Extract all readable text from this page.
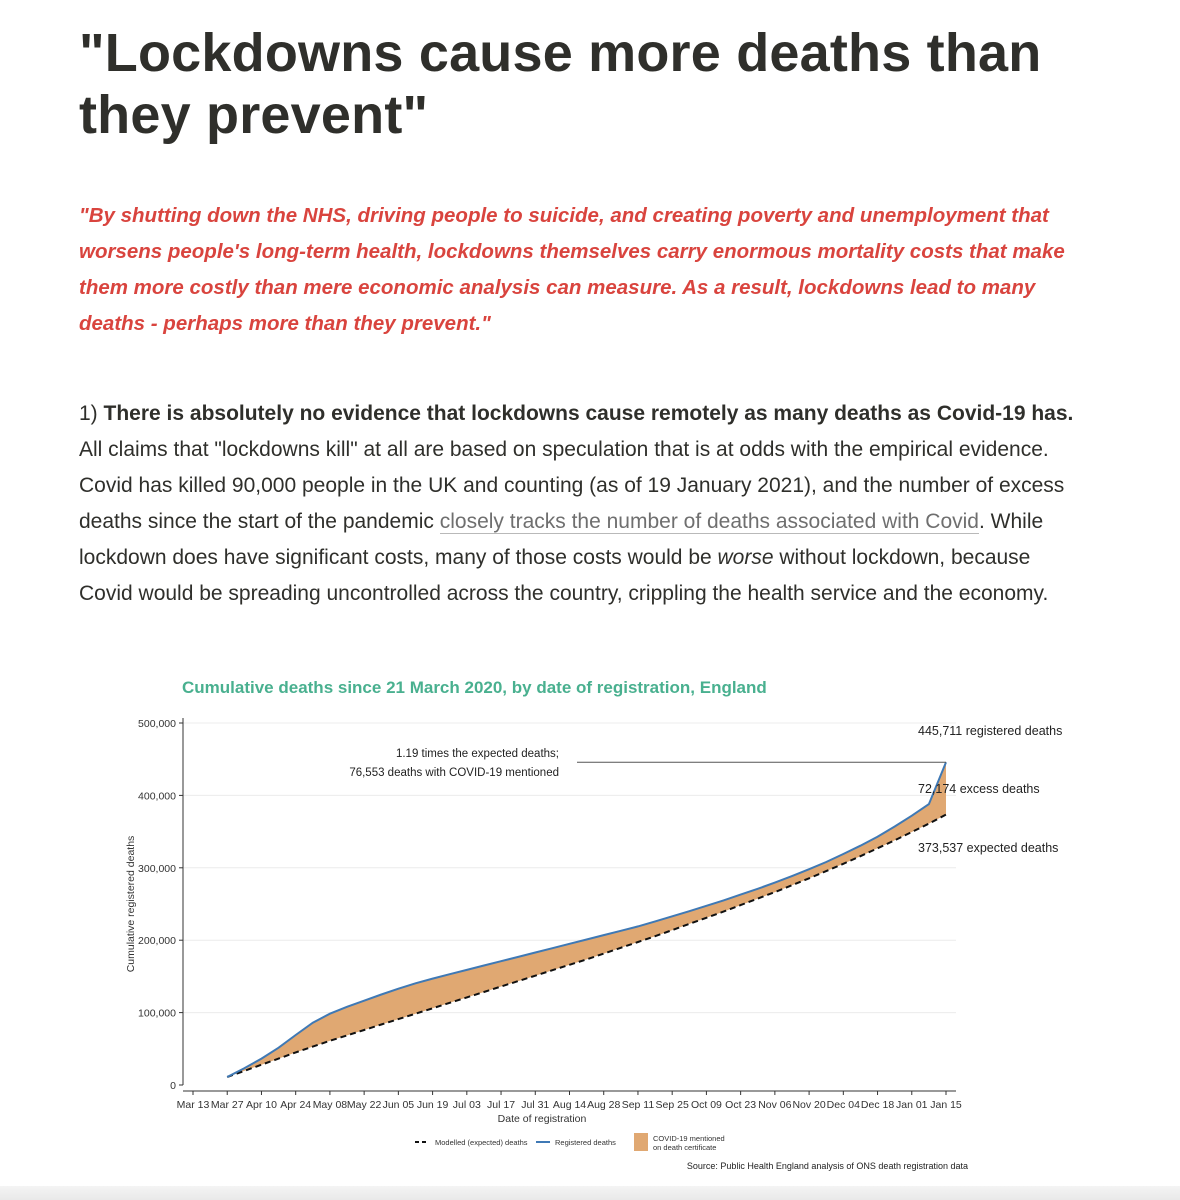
"Lockdowns cause more deaths than they prevent"

"By shutting down the NHS, driving people to suicide, and creating poverty and unemployment that worsens people's long-term health, lockdowns themselves carry enormous mortality costs that make them more costly than mere economic analysis can measure. As a result, lockdowns lead to many deaths - perhaps more than they prevent."

1) There is absolutely no evidence that lockdowns cause remotely as many deaths as Covid-19 has. All claims that "lockdowns kill" at all are based on speculation that is at odds with the empirical evidence. Covid has killed 90,000 people in the UK and counting (as of 19 January 2021), and the number of excess deaths since the start of the pandemic closely tracks the number of deaths associated with Covid. While lockdown does have significant costs, many of those costs would be worse without lockdown, because Covid would be spreading uncontrolled across the country, crippling the health service and the economy.

Cumulative deaths since 21 March 2020, by date of registration, England
0
100,000
200,000
300,000
400,000
500,000
Mar 13 Mar 27 Apr 10 Apr 24 May 08 May 22 Jun 05 Jun 19 Jul 03 Jul 17 Jul 31 Aug 14 Aug 28 Sep 11 Sep 25 Oct 09 Oct 23 Nov 06 Nov 20 Dec 04 Dec 18 Jan 01 Jan 15
Date of registration
Cumulative registered deaths
445,711 registered deaths
72,174 excess deaths
373,537 expected deaths
1.19 times the expected deaths;
76,553 deaths with COVID-19 mentioned
Modelled (expected) deaths	Registered deaths	COVID-19 mentioned
on death certificate
Source: Public Health England analysis of ONS death registration data
